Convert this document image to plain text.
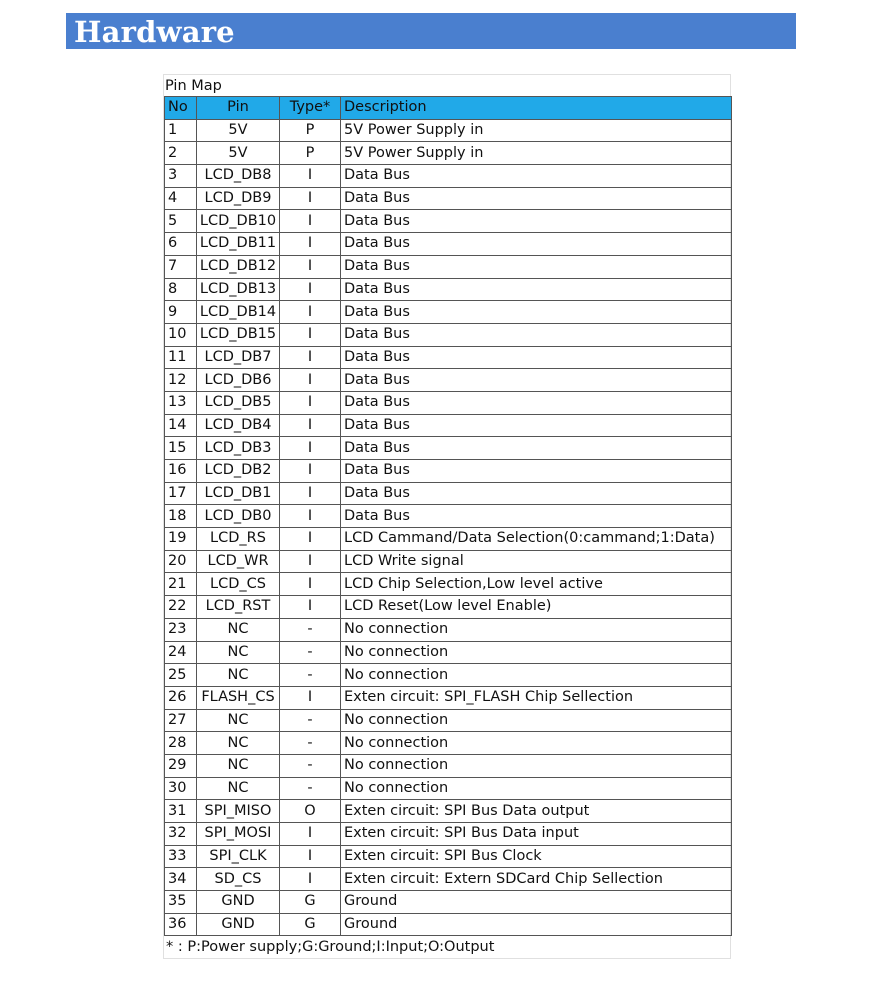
Hardware
Pin Map
No	Pin	Type*	Description
1	5V	P	5V Power Supply in
2	5V	P	5V Power Supply in
3	LCD_DB8	I	Data Bus
4	LCD_DB9	I	Data Bus
5	LCD_DB10	I	Data Bus
6	LCD_DB11	I	Data Bus
7	LCD_DB12	I	Data Bus
8	LCD_DB13	I	Data Bus
9	LCD_DB14	I	Data Bus
10	LCD_DB15	I	Data Bus
11	LCD_DB7	I	Data Bus
12	LCD_DB6	I	Data Bus
13	LCD_DB5	I	Data Bus
14	LCD_DB4	I	Data Bus
15	LCD_DB3	I	Data Bus
16	LCD_DB2	I	Data Bus
17	LCD_DB1	I	Data Bus
18	LCD_DB0	I	Data Bus
19	LCD_RS	I	LCD Cammand/Data Selection(0:cammand;1:Data)
20	LCD_WR	I	LCD Write signal
21	LCD_CS	I	LCD Chip Selection,Low level active
22	LCD_RST	I	LCD Reset(Low level Enable)
23	NC	-	No connection
24	NC	-	No connection
25	NC	-	No connection
26	FLASH_CS	I	Exten circuit: SPI_FLASH Chip Sellection
27	NC	-	No connection
28	NC	-	No connection
29	NC	-	No connection
30	NC	-	No connection
31	SPI_MISO	O	Exten circuit: SPI Bus Data output
32	SPI_MOSI	I	Exten circuit: SPI Bus Data input
33	SPI_CLK	I	Exten circuit: SPI Bus Clock
34	SD_CS	I	Exten circuit: Extern SDCard Chip Sellection
35	GND	G	Ground
36	GND	G	Ground
* : P:Power supply;G:Ground;I:Input;O:Output
